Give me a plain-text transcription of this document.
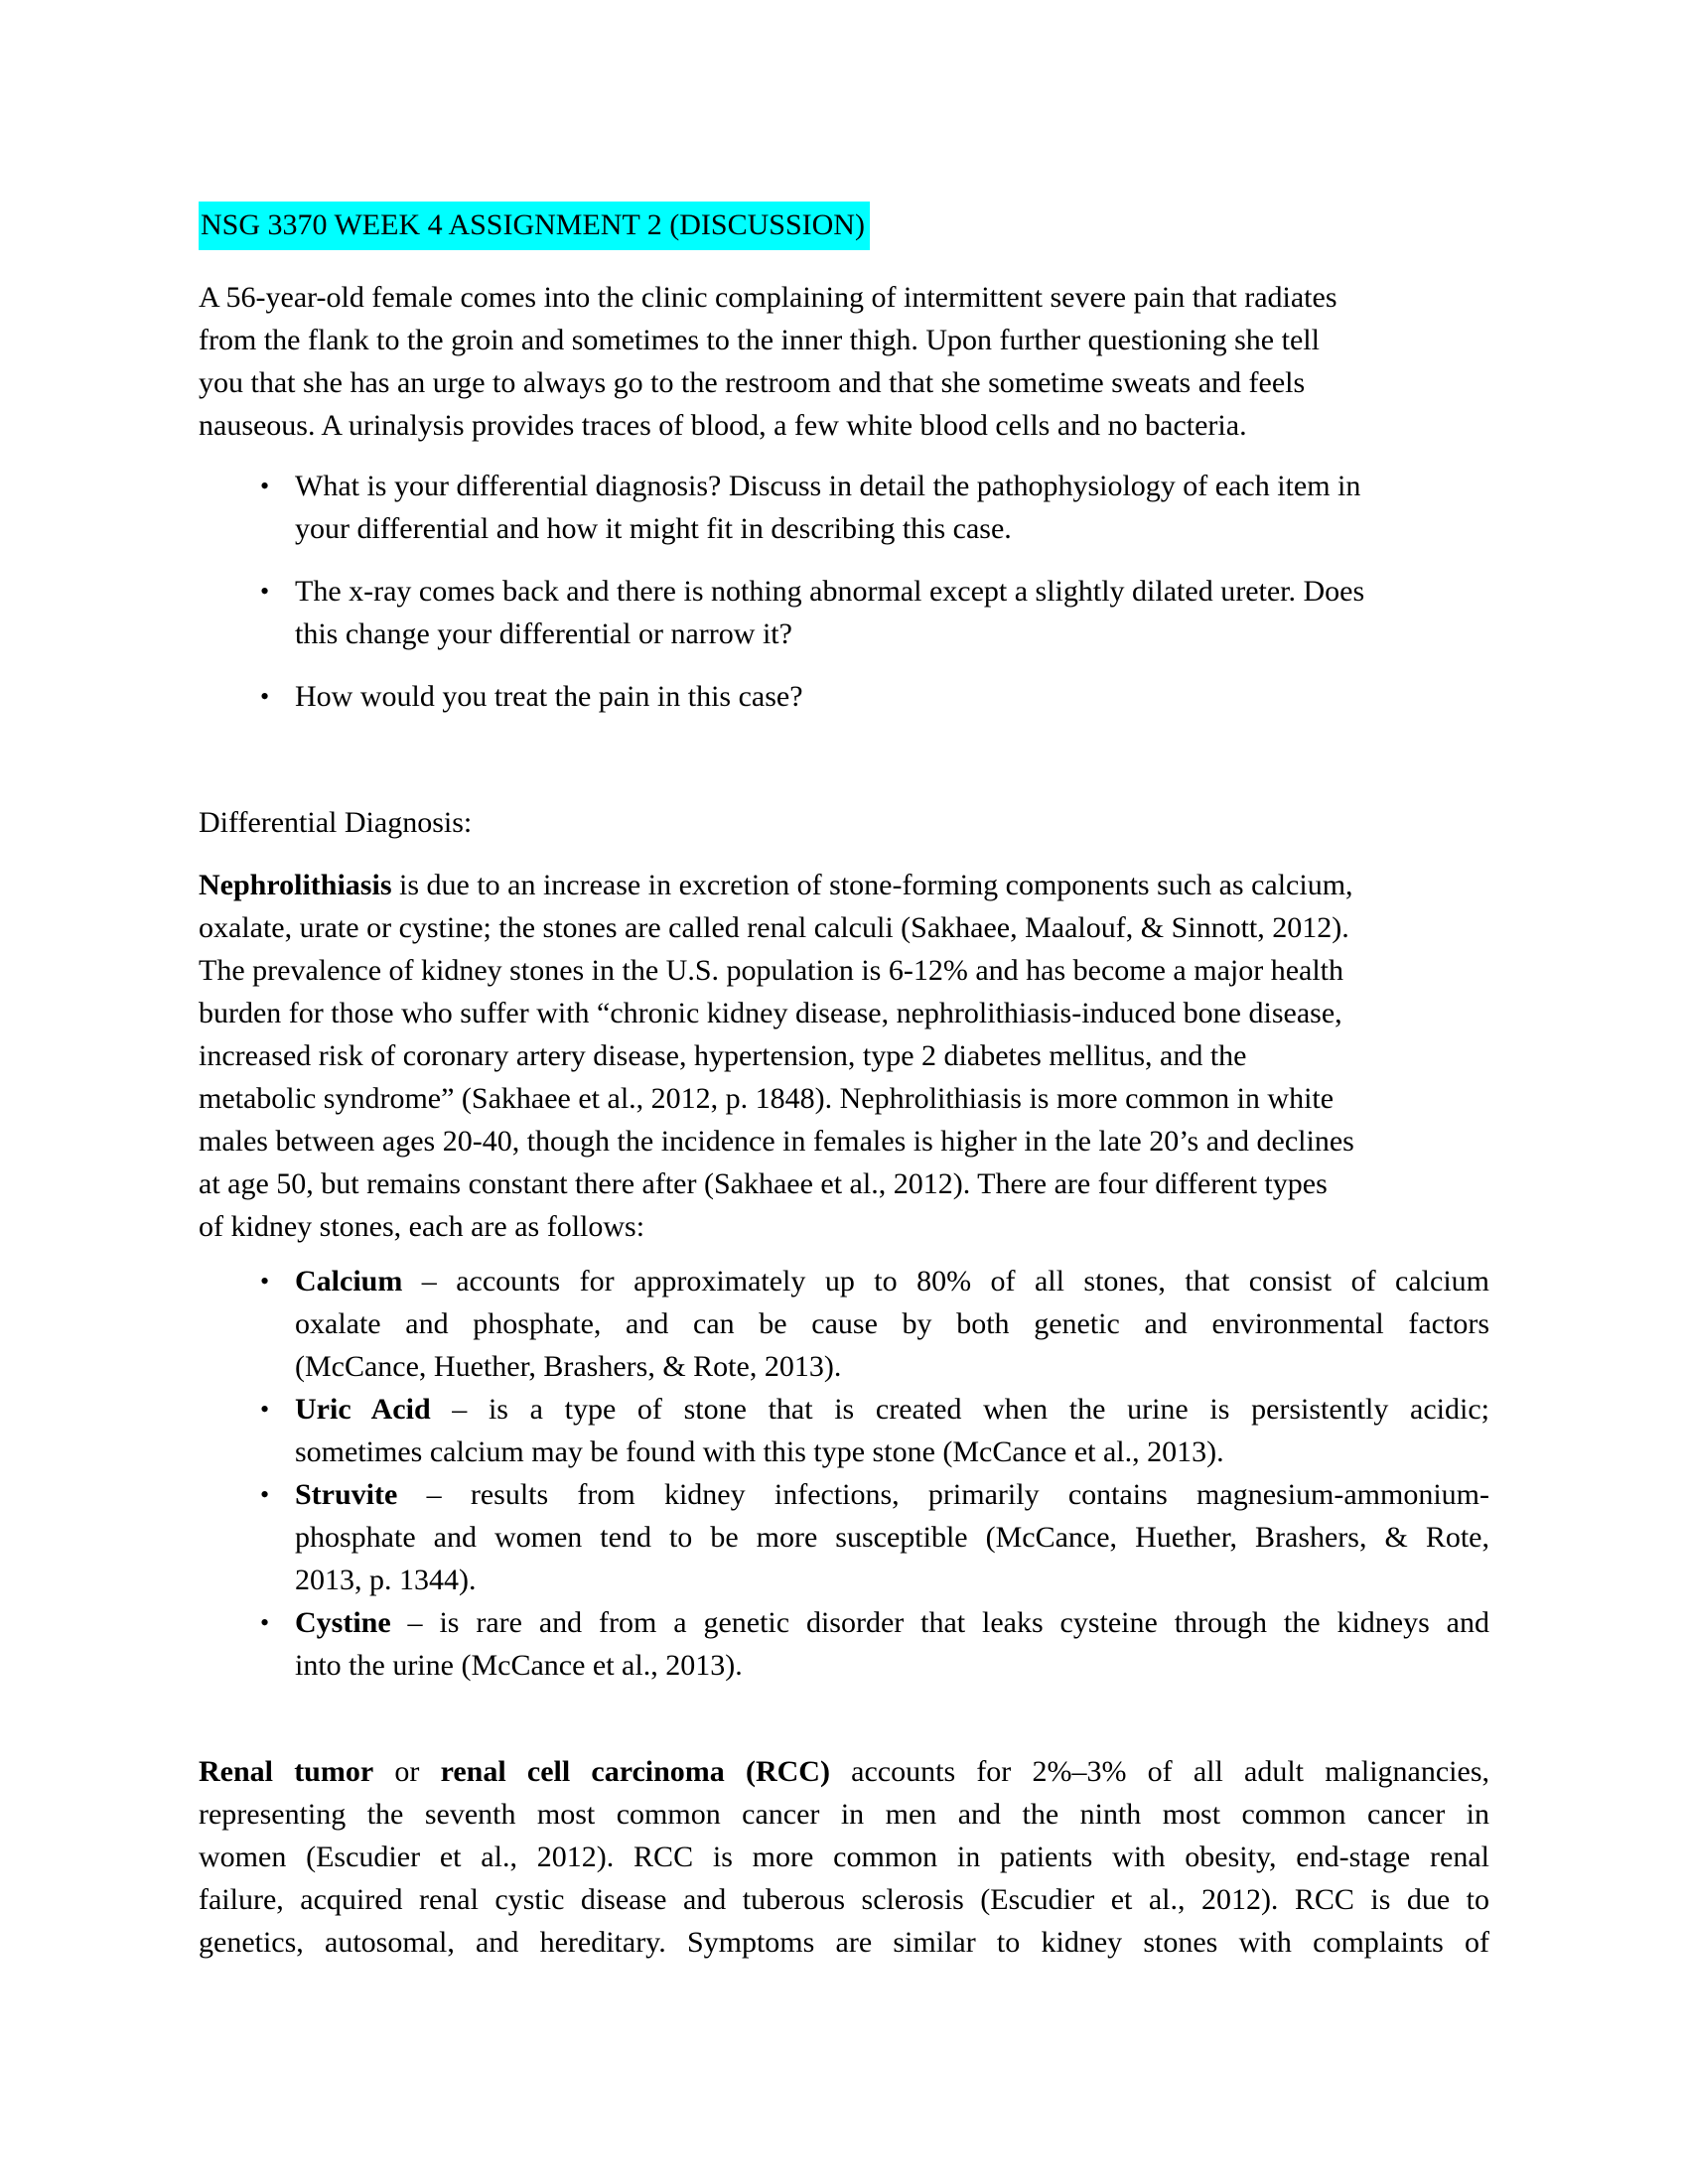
NSG 3370 WEEK 4 ASSIGNMENT 2 (DISCUSSION)

A 56-year-old female comes into the clinic complaining of intermittent severe pain that radiates
from the flank to the groin and sometimes to the inner thigh. Upon further questioning she tell
you that she has an urge to always go to the restroom and that she sometime sweats and feels
nauseous. A urinalysis provides traces of blood, a few white blood cells and no bacteria.

• What is your differential diagnosis? Discuss in detail the pathophysiology of each item in
your differential and how it might fit in describing this case.
• The x-ray comes back and there is nothing abnormal except a slightly dilated ureter. Does
this change your differential or narrow it?
• How would you treat the pain in this case?

Differential Diagnosis:

Nephrolithiasis is due to an increase in excretion of stone-forming components such as calcium,
oxalate, urate or cystine; the stones are called renal calculi (Sakhaee, Maalouf, & Sinnott, 2012).
The prevalence of kidney stones in the U.S. population is 6-12% and has become a major health
burden for those who suffer with “chronic kidney disease, nephrolithiasis-induced bone disease,
increased risk of coronary artery disease, hypertension, type 2 diabetes mellitus, and the
metabolic syndrome” (Sakhaee et al., 2012, p. 1848). Nephrolithiasis is more common in white
males between ages 20-40, though the incidence in females is higher in the late 20’s and declines
at age 50, but remains constant there after (Sakhaee et al., 2012). There are four different types
of kidney stones, each are as follows:

• Calcium – accounts for approximately up to 80% of all stones, that consist of calcium
oxalate and phosphate, and can be cause by both genetic and environmental factors
(McCance, Huether, Brashers, & Rote, 2013).
• Uric Acid – is a type of stone that is created when the urine is persistently acidic;
sometimes calcium may be found with this type stone (McCance et al., 2013).
• Struvite – results from kidney infections, primarily contains magnesium-ammonium-
phosphate and women tend to be more susceptible (McCance, Huether, Brashers, & Rote,
2013, p. 1344).
• Cystine – is rare and from a genetic disorder that leaks cysteine through the kidneys and
into the urine (McCance et al., 2013).

Renal tumor or renal cell carcinoma (RCC) accounts for 2%–3% of all adult malignancies,
representing the seventh most common cancer in men and the ninth most common cancer in
women (Escudier et al., 2012). RCC is more common in patients with obesity, end-stage renal
failure, acquired renal cystic disease and tuberous sclerosis (Escudier et al., 2012). RCC is due to
genetics, autosomal, and hereditary. Symptoms are similar to kidney stones with complaints of
